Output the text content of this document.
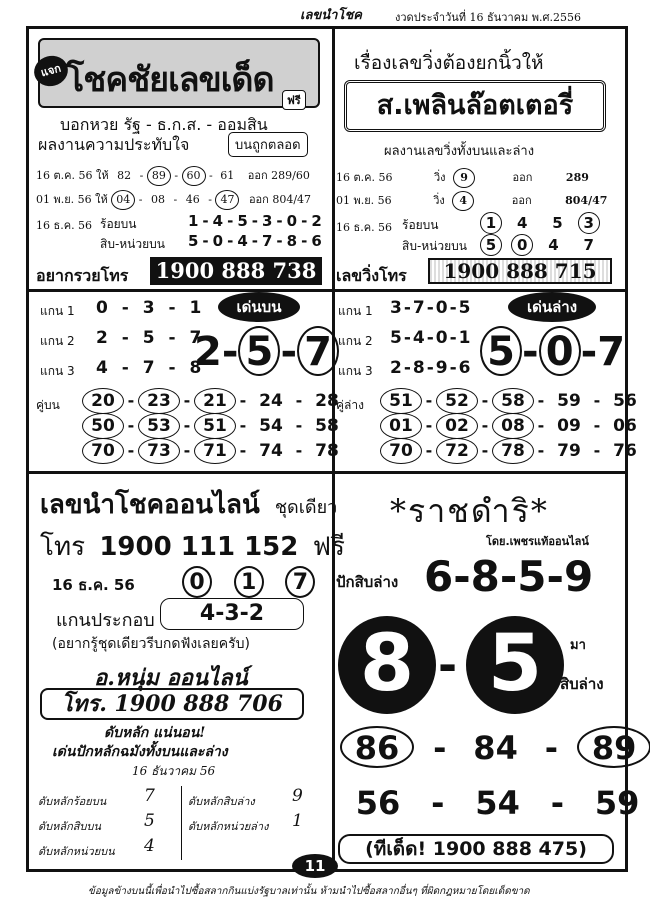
เลขนำโชค	งวดประจำวันที่ 16 ธันวาคม พ.ศ.2556
แจก โชคชัยเลขเด็ด
ฟรี
บอกหวย รัฐ - ธ.ก.ส. - ออมสิน
ผลงานความประทับใจ	บนถูกตลอด
16 ต.ค. 56 ให้ 82 - 89 - 60 - 61 ออก 289/60
01 พ.ย. 56 ให้ 04 - 08 - 46 - 47 ออก 804/47
16 ธ.ค. 56 ร้อยบน	1-4-5-3-0-2
สิบ-หน่วยบน 5-0-4-7-8-6
อยากรวยโทร 1900 888 738
เรื่องเลขวิ่งต้องยกนิ้วให้
ส.เพลินล๊อตเตอรี่
ผลงานเลขวิ่งทั้งบนและล่าง
16 ต.ค. 56	วิ่ง 9	ออก	289
01 พ.ย. 56	วิ่ง 4	ออก	804/47
16 ธ.ค. 56 ร้อยบน	1 4 5 3
สิบ-หน่วยบน	5 0 4 7
เลขวิ่งโทร	1900 888 715
เด่นบน
แกน 1 0 - 3 - 1
แกน 2 2 - 5 - 7
แกน 3 4 - 7 - 8
2- 5 - 7
คู่บน	20 - 23 - 21 - 24 - 28
50 - 53 - 51 - 54 - 58
70 - 73 - 71 - 74 - 78
เด่นล่าง
แกน 1 3-7-0-5
แกน 2 5-4-0-1
แกน 3 2-8-9-6 5 - 0 -7
คู่ล่าง	51 - 52 - 58 - 59 - 56
01 - 02 - 08 - 09 - 06
70 - 72 - 78 - 79 - 76
เลขนำโชคออนไลน์ ชุดเดียว
โทร 1900 111 152 ฟรี
16 ธ.ค. 56	0 1 7
แกนประกอบ	4-3-2
(อยากรู้ชุดเดียวรีบกดฟังเลยครับ)
อ.หนุ่ม ออนไลน์
โทร. 1900 888 706
ดับหลัก แน่นอน!
เด่นปักหลักฉมังทั้งบนและล่าง
16 ธันวาคม 56
ดับหลักร้อยบน 7	ดับหลักสิบล่าง 9
ดับหลักสิบบน	5	ดับหลักหน่วยล่าง 1
ดับหลักหน่วยบน 4
*ราชดำริ*
โดย.เพชรแท้ออนไลน์
ปักสิบล่าง 6-8-5-9
8 - 5	มา
สิบล่าง
86 - 84 - 89
56 - 54 - 59
(ทีเด็ด! 1900 888 475)
11
ข้อมูลข้างบนนี้เพื่อนำไปซื้อสลากกินแบ่งรัฐบาลเท่านั้น ห้ามนำไปซื้อสลากอื่นๆ ที่ผิดกฎหมายโดยเด็ดขาด
